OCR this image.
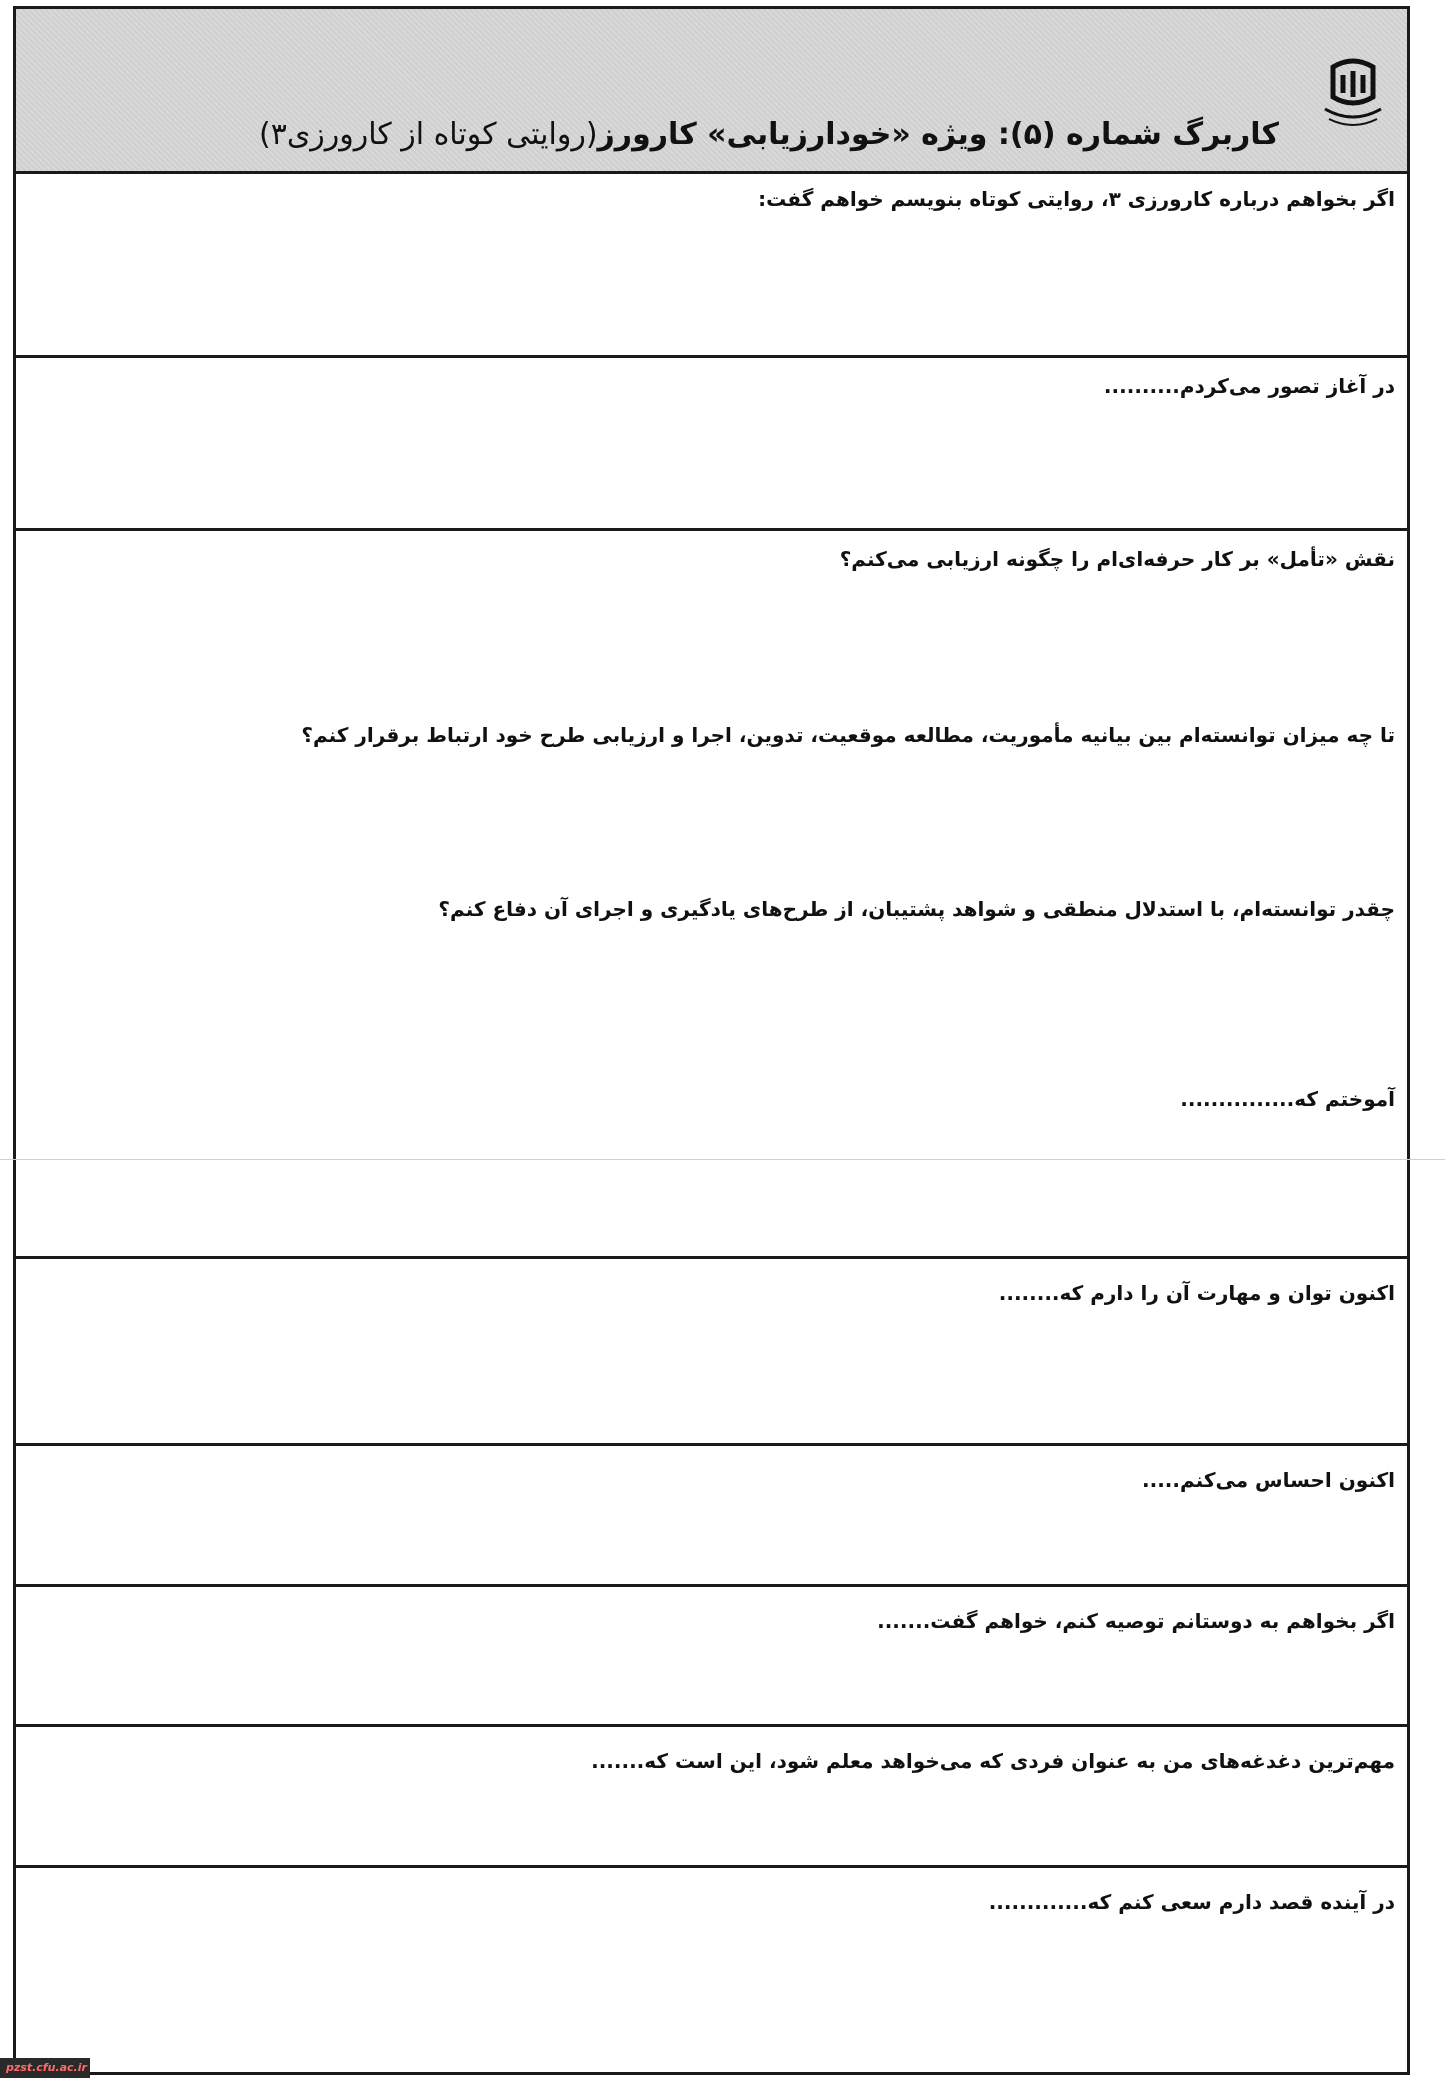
کاربرگ شماره (۵): ویژه «خودارزیابی» کارورز(روایتی کوتاه از کارورزی۳)
اگر بخواهم درباره کارورزی ۳، روایتی کوتاه بنویسم خواهم گفت:
در آغاز تصور می‌کردم..........
نقش «تأمل» بر کار حرفه‌ای‌ام را چگونه ارزیابی می‌کنم؟
تا چه میزان توانسته‌ام بین بیانیه مأموریت، مطالعه موقعیت، تدوین، اجرا و ارزیابی طرح خود ارتباط برقرار کنم؟
چقدر توانسته‌ام، با استدلال منطقی و شواهد پشتیبان، از طرح‌های یادگیری و اجرای آن دفاع کنم؟
آموختم که...............
اکنون توان و مهارت آن را دارم که........
اکنون احساس می‌کنم.....
اگر بخواهم به دوستانم توصیه کنم، خواهم گفت.......
مهم‌ترین دغدغه‌های من به عنوان فردی که می‌خواهد معلم شود، این است که.......
در آینده قصد دارم سعی کنم که.............
pzst.cfu.ac.ir
